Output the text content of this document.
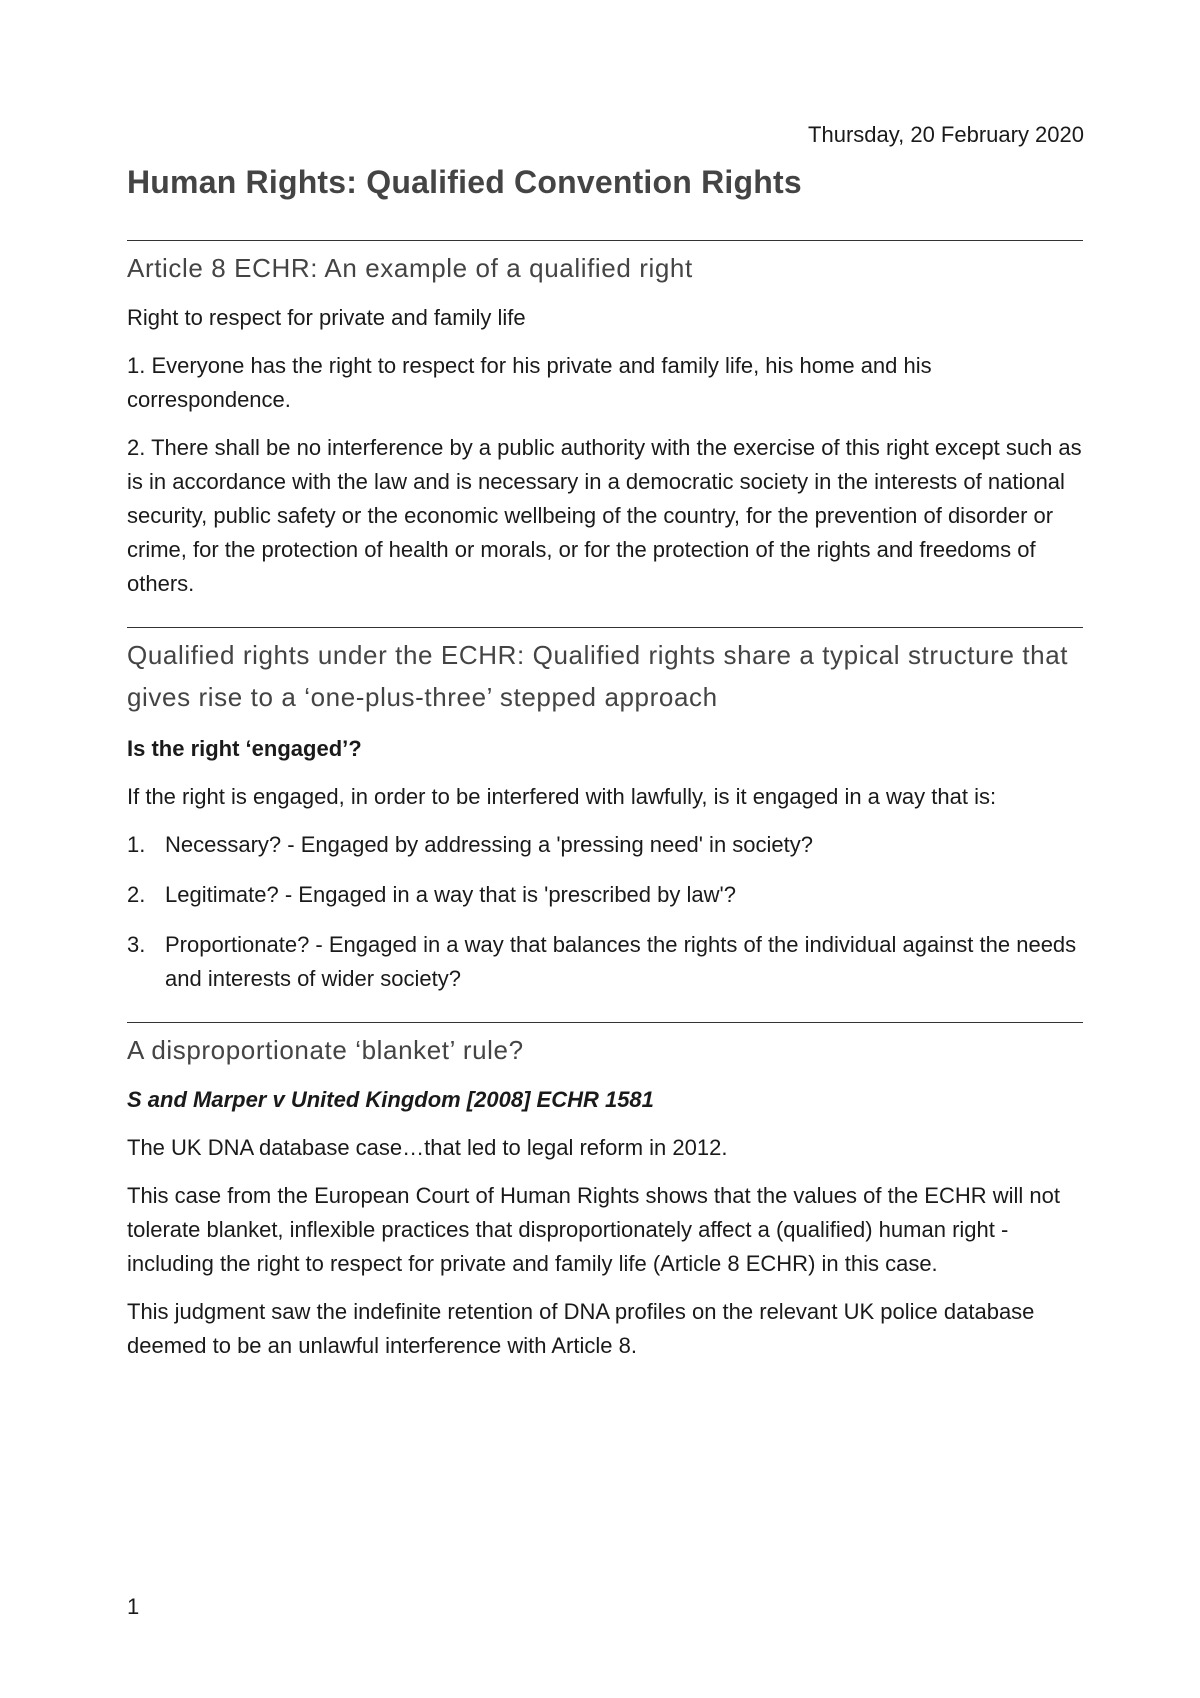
Thursday, 20 February 2020
Human Rights: Qualified Convention Rights
Article 8 ECHR: An example of a qualified right

Right to respect for private and family life

1. Everyone has the right to respect for his private and family life, his home and his correspondence.

2. There shall be no interference by a public authority with the exercise of this right except such as is in accordance with the law and is necessary in a democratic society in the interests of national security, public safety or the economic wellbeing of the country, for the prevention of disorder or crime, for the protection of health or morals, or for the protection of the rights and freedoms of others.

Qualified rights under the ECHR: Qualified rights share a typical structure that gives rise to a ‘one-plus-three’ stepped approach

Is the right ‘engaged’?

If the right is engaged, in order to be interfered with lawfully, is it engaged in a way that is:

1. Necessary? - Engaged by addressing a 'pressing need' in society?
2. Legitimate? - Engaged in a way that is 'prescribed by law'?
3. Proportionate? - Engaged in a way that balances the rights of the individual against the needs and interests of wider society?
A disproportionate ‘blanket’ rule?

S and Marper v United Kingdom [2008] ECHR 1581

The UK DNA database case…that led to legal reform in 2012.

This case from the European Court of Human Rights shows that the values of the ECHR will not tolerate blanket, inflexible practices that disproportionately affect a (qualified) human right - including the right to respect for private and family life (Article 8 ECHR) in this case.

This judgment saw the indefinite retention of DNA profiles on the relevant UK police database deemed to be an unlawful interference with Article 8.

1
